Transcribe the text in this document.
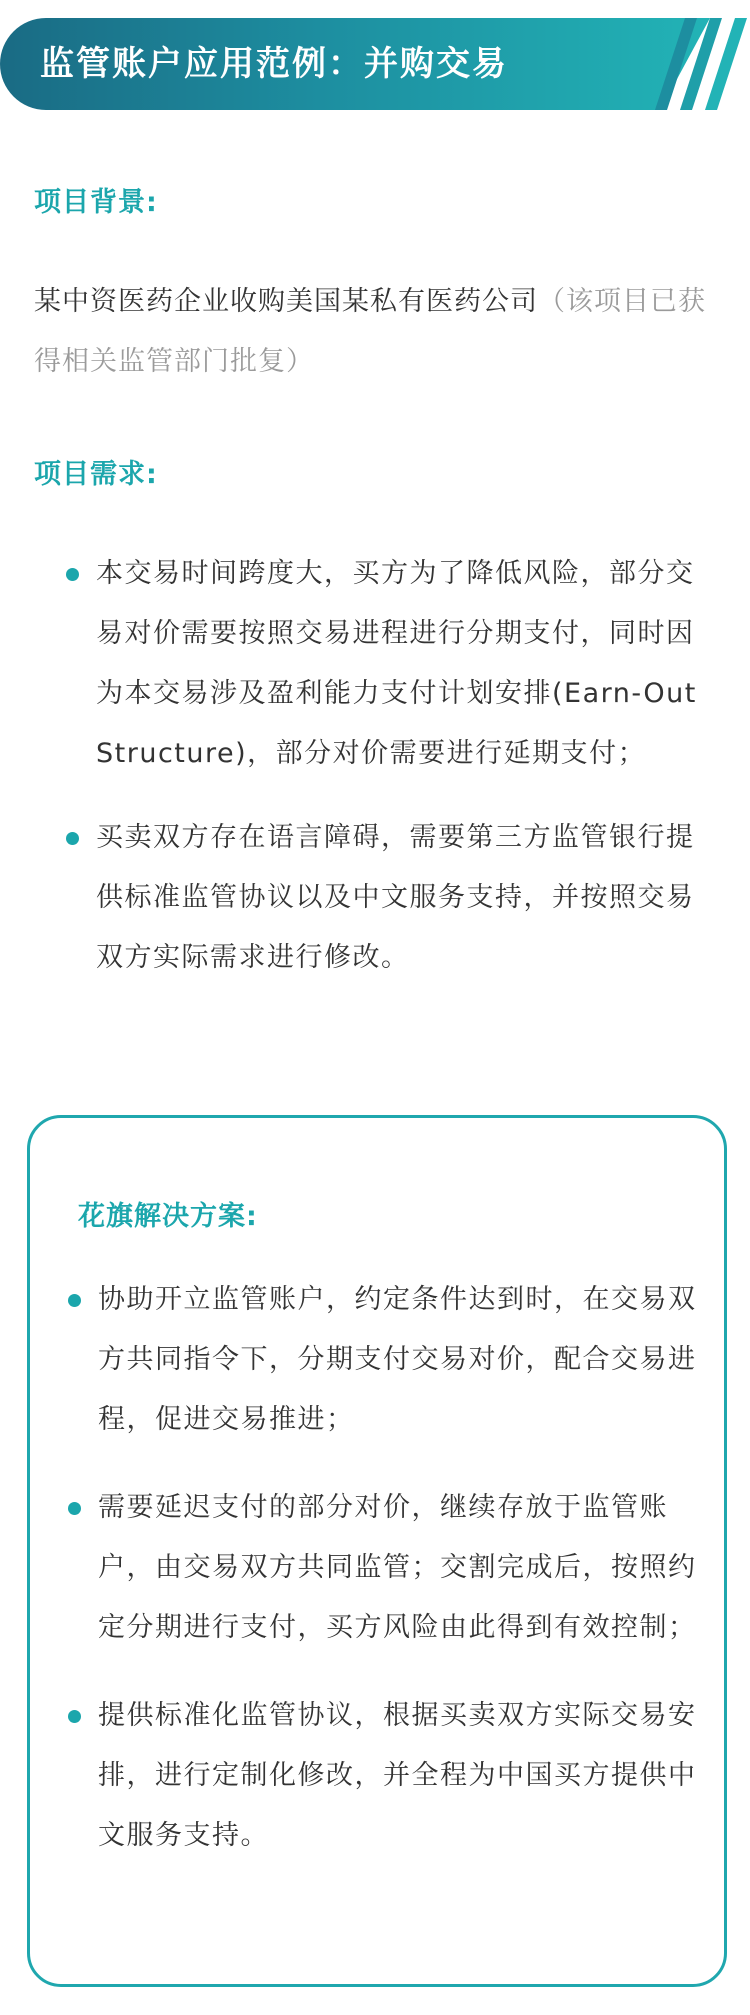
监管账户应用范例：并购交易
项目背景:
某中资医药企业收购美国某私有医药公司（该项目已获得相关监管部门批复）
项目需求:
本交易时间跨度大，买方为了降低风险，部分交易对价需要按照交易进程进行分期支付，同时因为本交易涉及盈利能力支付计划安排(Earn-Out Structure)，部分对价需要进行延期支付；
买卖双方存在语言障碍，需要第三方监管银行提供标准监管协议以及中文服务支持，并按照交易双方实际需求进行修改。
花旗解决方案:
协助开立监管账户，约定条件达到时，在交易双方共同指令下，分期支付交易对价，配合交易进程，促进交易推进；
需要延迟支付的部分对价，继续存放于监管账户，由交易双方共同监管；交割完成后，按照约定分期进行支付，买方风险由此得到有效控制；
提供标准化监管协议，根据买卖双方实际交易安排，进行定制化修改，并全程为中国买方提供中文服务支持。
